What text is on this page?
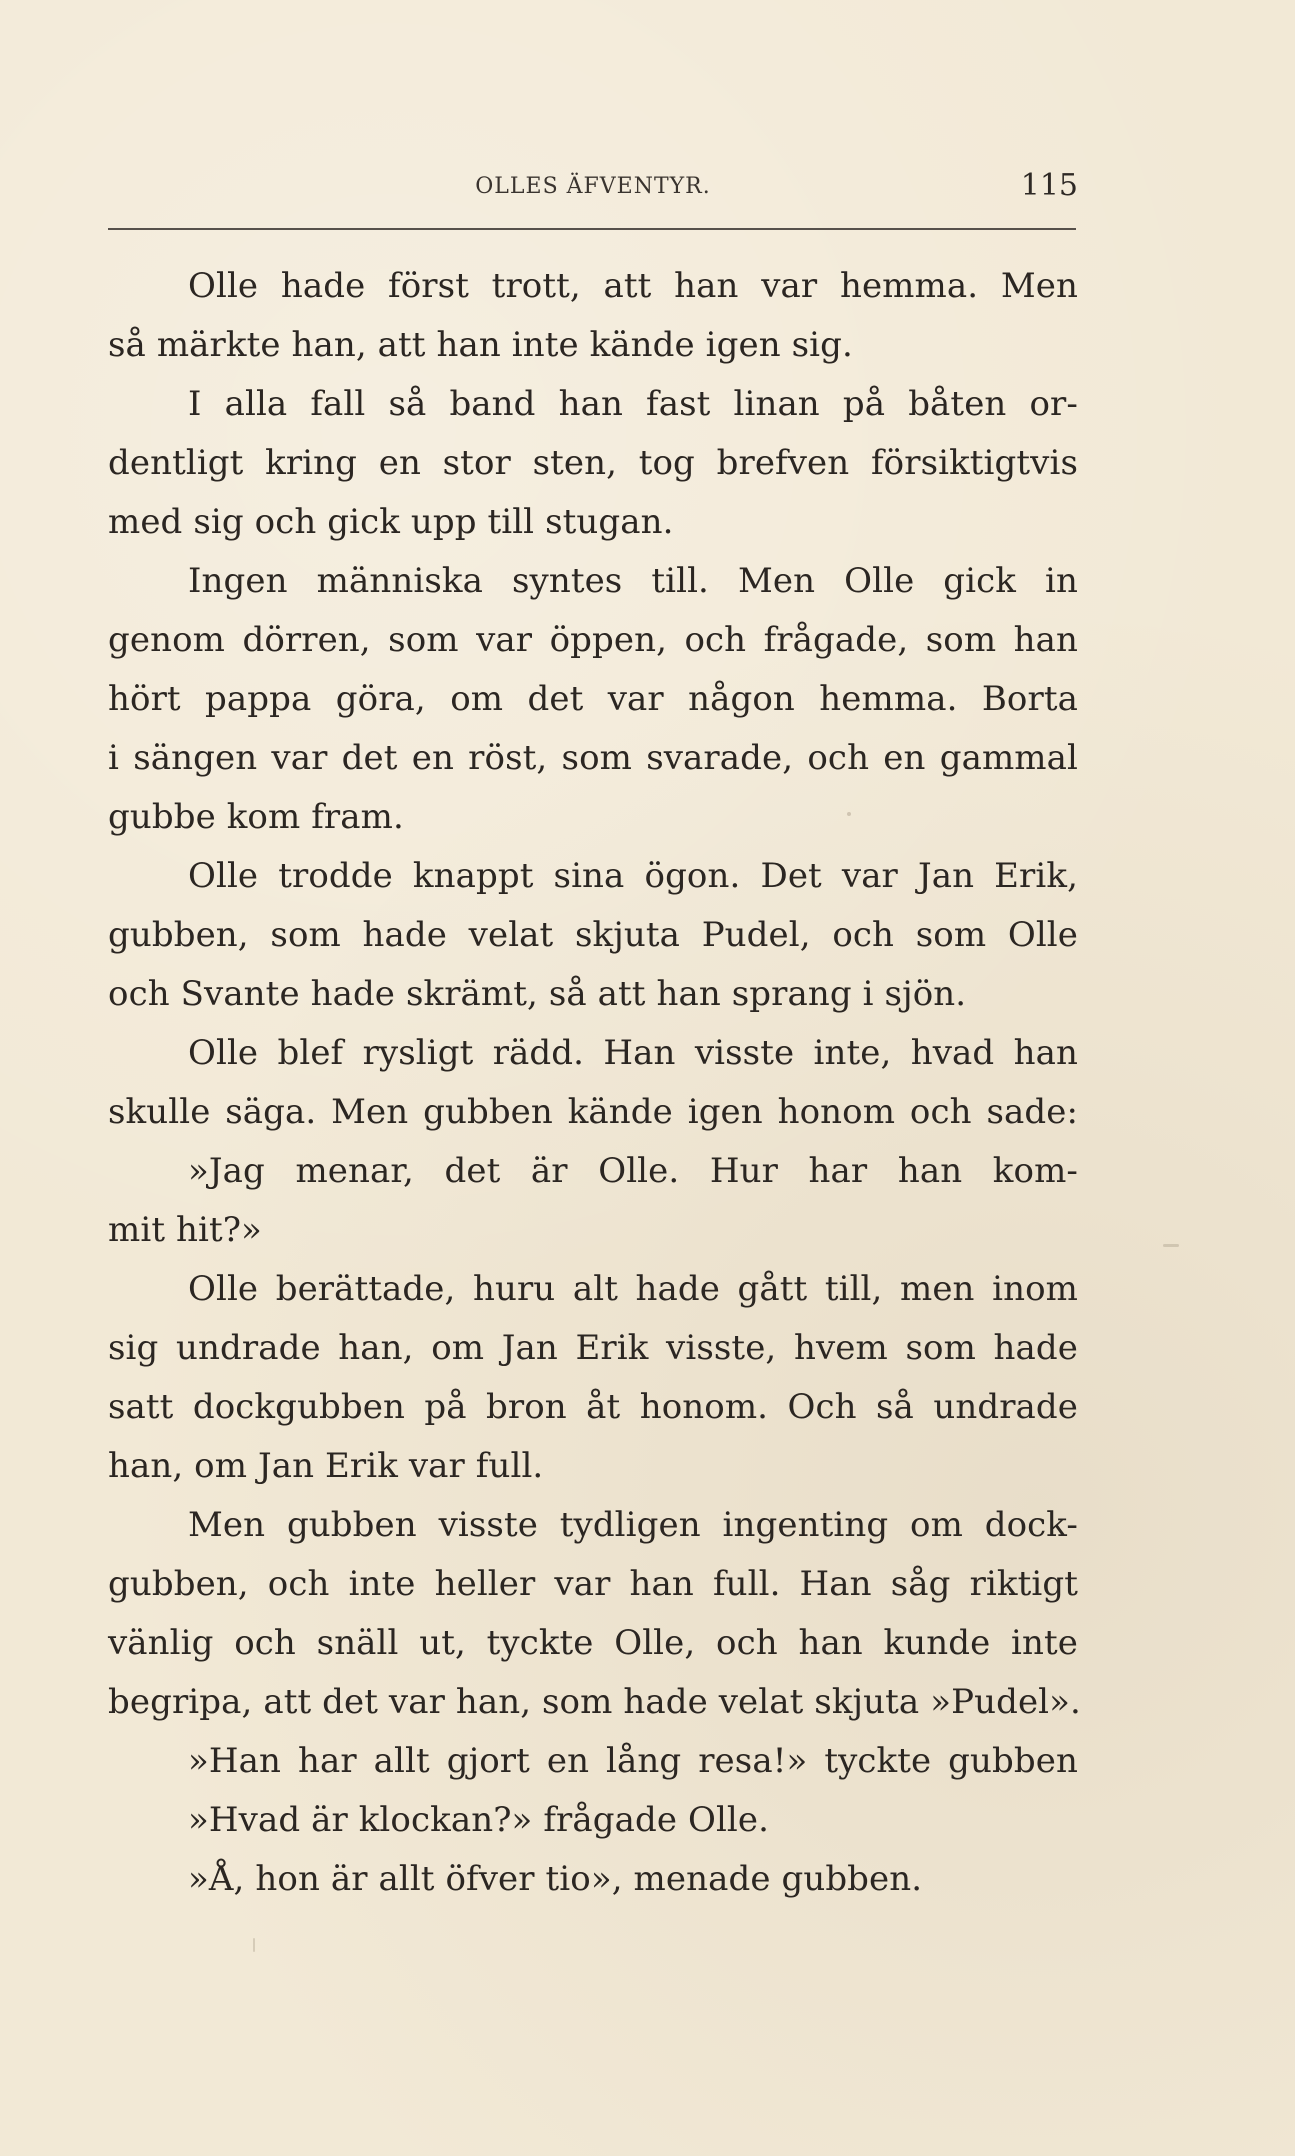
OLLES ÄFVENTYR.	115
Olle hade först trott, att han var hemma. Men
så märkte han, att han inte kände igen sig.
I alla fall så band han fast linan på båten or-
dentligt kring en stor sten, tog brefven försiktigtvis
med sig och gick upp till stugan.
Ingen människa syntes till. Men Olle gick in
genom dörren, som var öppen, och frågade, som han
hört pappa göra, om det var någon hemma. Borta
i sängen var det en röst, som svarade, och en gammal
gubbe kom fram.
Olle trodde knappt sina ögon. Det var Jan Erik,
gubben, som hade velat skjuta Pudel, och som Olle
och Svante hade skrämt, så att han sprang i sjön.
Olle blef rysligt rädd. Han visste inte, hvad han
skulle säga. Men gubben kände igen honom och sade:
»Jag menar, det är Olle. Hur har han kom-
mit hit?»
Olle berättade, huru alt hade gått till, men inom
sig undrade han, om Jan Erik visste, hvem som hade
satt dockgubben på bron åt honom. Och så undrade
han, om Jan Erik var full.
Men gubben visste tydligen ingenting om dock-
gubben, och inte heller var han full. Han såg riktigt
vänlig och snäll ut, tyckte Olle, och han kunde inte
begripa, att det var han, som hade velat skjuta »Pudel».
»Han har allt gjort en lång resa!» tyckte gubben
»Hvad är klockan?» frågade Olle.
»Å, hon är allt öfver tio», menade gubben.
